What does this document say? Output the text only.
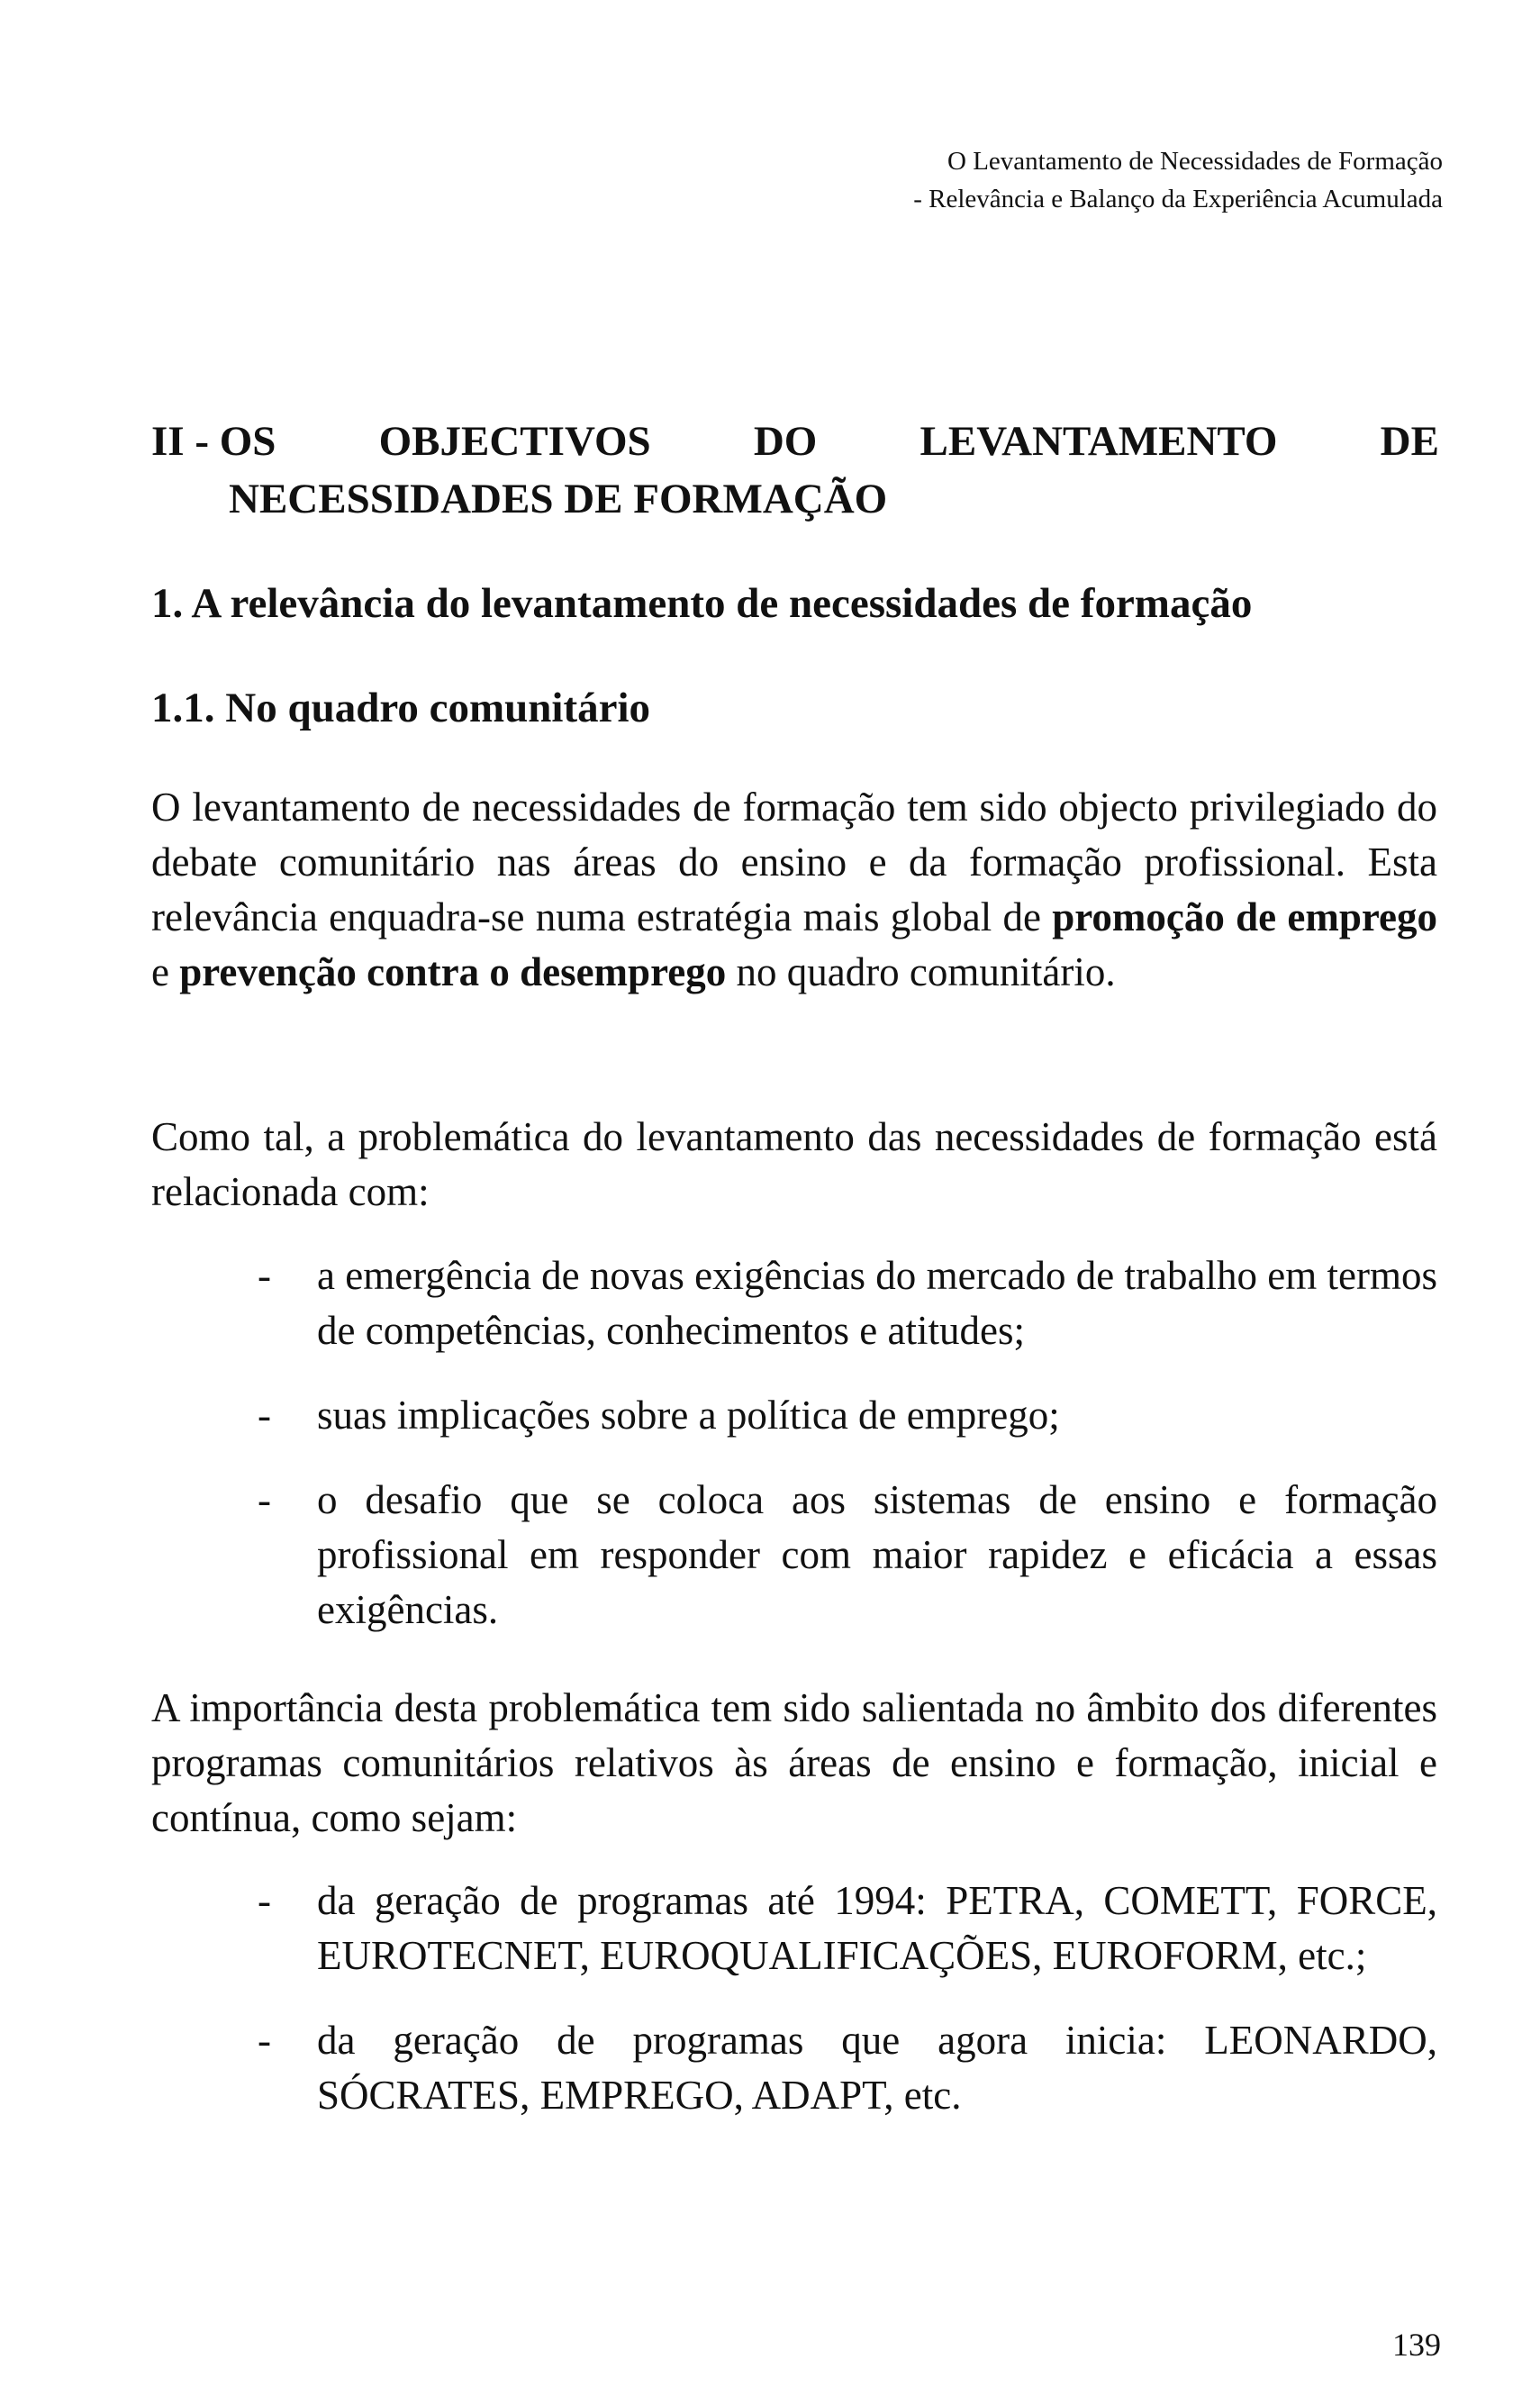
O Levantamento de Necessidades de Formação
- Relevância e Balanço da Experiência Acumulada
II - OS OBJECTIVOS DO LEVANTAMENTO DE
NECESSIDADES DE FORMAÇÃO
1. A relevância do levantamento de necessidades de formação
1.1. No quadro comunitário

O levantamento de necessidades de formação tem sido objecto privilegiado do debate comunitário nas áreas do ensino e da formação profissional. Esta relevância enquadra-se numa estratégia mais global de promoção de emprego e prevenção contra o desemprego no quadro comunitário.

Como tal, a problemática do levantamento das necessidades de formação está relacionada com:

- a emergência de novas exigências do mercado de trabalho em termos de competências, conhecimentos e atitudes;
- suas implicações sobre a política de emprego;
- o desafio que se coloca aos sistemas de ensino e formação profissional em responder com maior rapidez e eficácia a essas exigências.

A importância desta problemática tem sido salientada no âmbito dos diferentes programas comunitários relativos às áreas de ensino e formação, inicial e contínua, como sejam:

- da geração de programas até 1994: PETRA, COMETT, FORCE, EUROTECNET, EUROQUALIFICAÇÕES, EUROFORM, etc.;
- da geração de programas que agora inicia: LEONARDO, SÓCRATES, EMPREGO, ADAPT, etc.
139
